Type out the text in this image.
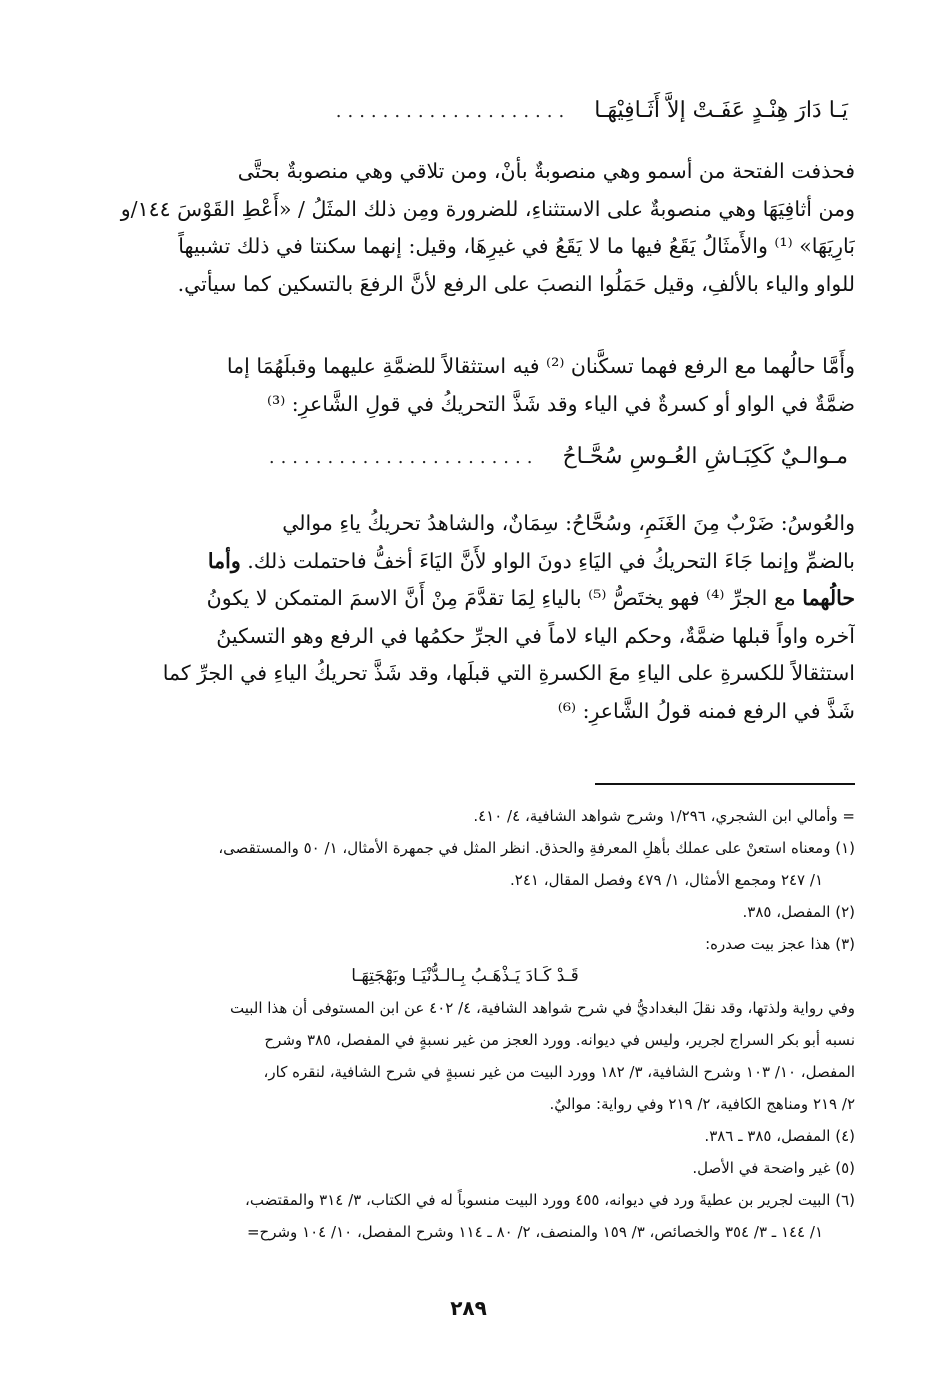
يَـا دَارَ هِنْـدٍ عَفَـتْ إلاَّ أَثَـافِيْهَـا
....................
فحذفت الفتحة من أسمو وهي منصوبةٌ بأنْ، ومن تلاقي وهي منصوبةٌ بحتَّى
ومن أثافِيَهَا وهي منصوبةٌ على الاستثناءِ، للضرورة ومِن ذلك المثَلُ / «أَعْطِ القَوْسَ ١٤٤/و
بَارِيَهَا» ⁽¹⁾ والأَمثَالُ يَقَعُ فيها ما لا يَقَعُ في غيرِهَا، وقيل: إنهما سكنتا في ذلك تشبيهاً
للواو والياء بالألفِ، وقيل حَمَلُوا النصبَ على الرفع لأنَّ الرفعَ بالتسكين كما سيأتي.
وأَمَّا حالُهما مع الرفع فهما تسكَّنان ⁽²⁾ فيه استثقالاً للضمَّةِ عليهما وقبلَهُمَا إما
ضمَّةٌ في الواو أو كسرةٌ في الياء وقد شَذَّ التحريكُ في قولِ الشَّاعرِ: ⁽³⁾
مـوالـيٌ كَكِبَـاشِ العُـوسِ سُحَّـاحُ
.......................
والعُوسُ: ضَرْبٌ مِنَ الغَنَمِ، وسُحَّاحُ: سِمَانٌ، والشاهدُ تحريكُ ياءِ موالي
بالضمِّ وإنما جَاءَ التحريكُ في اليَاءِ دونَ الواو لأَنَّ اليَاءَ أخفُّ فاحتملت ذلك. وأما
حالُهما مع الجرِّ ⁽⁴⁾ فهو يختَصُّ ⁽⁵⁾ بالياءِ لِمَا تقدَّمَ مِنْ أَنَّ الاسمَ المتمكن لا يكونُ
آخره واواً قبلها ضمَّةٌ، وحكم الياء لاماً في الجرِّ حكمُها في الرفع وهو التسكينُ
استثقالاً للكسرةِ على الياءِ معَ الكسرةِ التي قبلَها، وقد شَذَّ تحريكُ الياءِ في الجرِّ كما
شَذَّ في الرفع فمنه قولُ الشَّاعرِ: ⁽⁶⁾
= وأمالي ابن الشجري، ١/٢٩٦ وشرح شواهد الشافية، ٤/ ٤١٠.
(١) ومعناه استعنْ على عملك بأهلِ المعرفةِ والحذق. انظر المثل في جمهرة الأمثال، ١/ ٥٠ والمستقصى،
١/ ٢٤٧ ومجمع الأمثال، ١/ ٤٧٩ وفصل المقال، ٢٤١.
(٢) المفصل، ٣٨٥.
(٣) هذا عجز بيت صدره:
قَـدْ كَـادَ يَـذْهَـبُ بِـالـدُّنْيَـا وبَهْجَتِهَـا
وفي رواية ولذتها، وقد نقلَ البغداديُّ في شرح شواهد الشافية، ٤/ ٤٠٢ عن ابن المستوفى أن هذا البيت
نسبه أبو بكر السراج لجرير، وليس في ديوانه. وورد العجز من غير نسبةٍ في المفصل، ٣٨٥ وشرح
المفصل، ١٠/ ١٠٣ وشرح الشافية، ٣/ ١٨٢ وورد البيت من غير نسبةٍ في شرح الشافية، لنقره كار،
٢/ ٢١٩ ومناهج الكافية، ٢/ ٢١٩ وفي رواية: مواليٌ.
(٤) المفصل، ٣٨٥ ـ ٣٨٦.
(٥) غير واضحة في الأصل.
(٦) البيت لجرير بن عطيةَ ورد في ديوانه، ٤٥٥ وورد البيت منسوباً له في الكتاب، ٣/ ٣١٤ والمقتضب،
١/ ١٤٤ ـ ٣/ ٣٥٤ والخصائص، ٣/ ١٥٩ والمنصف، ٢/ ٨٠ ـ ١١٤ وشرح المفصل، ١٠/ ١٠٤ وشرح=
٢٨٩
